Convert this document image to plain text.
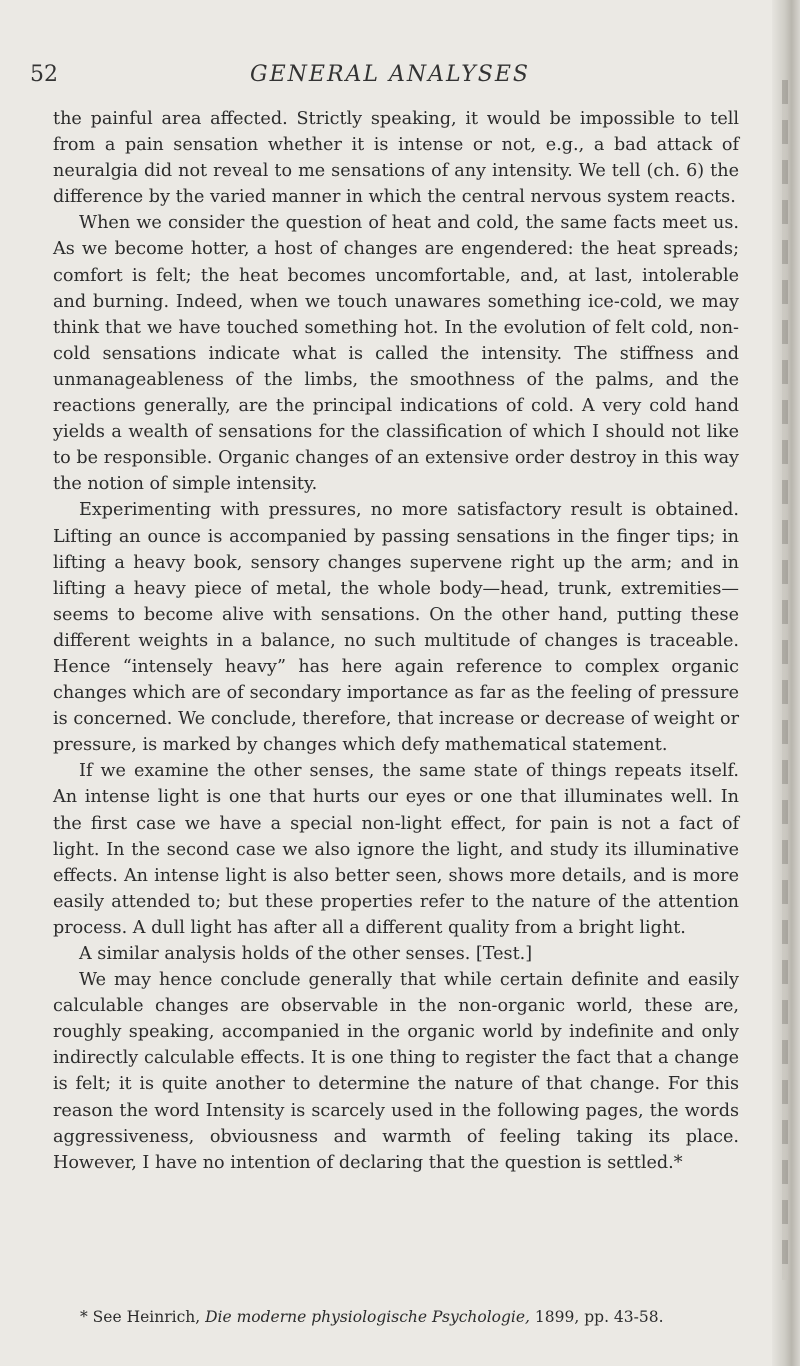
52	GENERAL ANALYSES

the painful area affected. Strictly speaking, it would be impossible to tell from a pain sensation whether it is intense or not, e.g., a bad attack of neuralgia did not reveal to me sensations of any intensity. We tell (ch. 6) the difference by the varied manner in which the central nervous system reacts.

When we consider the question of heat and cold, the same facts meet us. As we become hotter, a host of changes are engendered: the heat spreads; comfort is felt; the heat becomes uncomfortable, and, at last, intolerable and burning. Indeed, when we touch unawares something ice-cold, we may think that we have touched something hot. In the evolution of felt cold, non-cold sensations indicate what is called the intensity. The stiffness and unmanageableness of the limbs, the smoothness of the palms, and the reactions generally, are the principal indications of cold. A very cold hand yields a wealth of sensations for the classification of which I should not like to be responsible. Organic changes of an extensive order destroy in this way the notion of simple intensity.

Experimenting with pressures, no more satisfactory result is obtained. Lifting an ounce is accompanied by passing sensations in the finger tips; in lifting a heavy book, sensory changes supervene right up the arm; and in lifting a heavy piece of metal, the whole body—head, trunk, extremities—seems to become alive with sensations. On the other hand, putting these different weights in a balance, no such multitude of changes is traceable. Hence “intensely heavy” has here again reference to complex organic changes which are of secondary importance as far as the feeling of pressure is concerned. We conclude, therefore, that increase or decrease of weight or pressure, is marked by changes which defy mathematical statement.

If we examine the other senses, the same state of things repeats itself. An intense light is one that hurts our eyes or one that illuminates well. In the first case we have a special non-light effect, for pain is not a fact of light. In the second case we also ignore the light, and study its illuminative effects. An intense light is also better seen, shows more details, and is more easily attended to; but these properties refer to the nature of the attention process. A dull light has after all a different quality from a bright light.

A similar analysis holds of the other senses. [Test.]

We may hence conclude generally that while certain definite and easily calculable changes are observable in the non-organic world, these are, roughly speaking, accompanied in the organic world by indefinite and only indirectly calculable effects. It is one thing to register the fact that a change is felt; it is quite another to determine the nature of that change. For this reason the word Intensity is scarcely used in the following pages, the words aggressiveness, obviousness and warmth of feeling taking its place. However, I have no intention of declaring that the question is settled.*

* See Heinrich, Die moderne physiologische Psychologie, 1899, pp. 43-58.
